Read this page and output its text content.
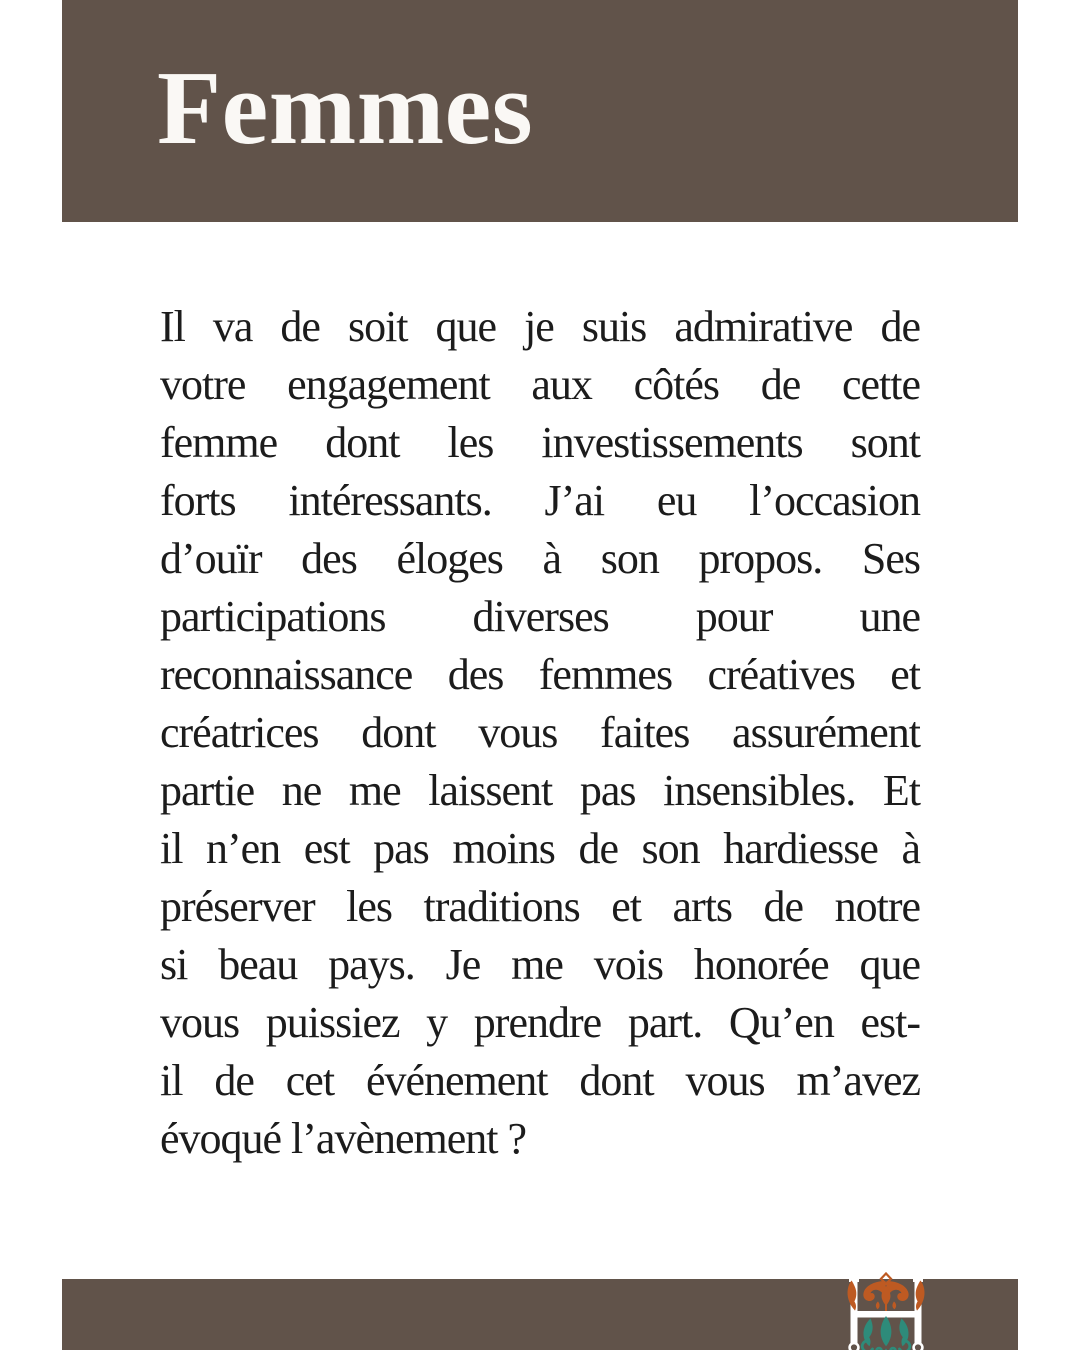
Femmes
Il va de soit que je suis admirative de
votre engagement aux côtés de cette
femme dont les investissements sont
forts intéressants. J’ai eu l’occasion
d’ouïr des éloges à son propos. Ses
participations diverses pour une
reconnaissance des femmes créatives et
créatrices dont vous faites assurément
partie ne me laissent pas insensibles. Et
il n’en est pas moins de son hardiesse à
préserver les traditions et arts de notre
si beau pays. Je me vois honorée que
vous puissiez y prendre part. Qu’en est-
il de cet événement dont vous m’avez
évoqué l’avènement ?
